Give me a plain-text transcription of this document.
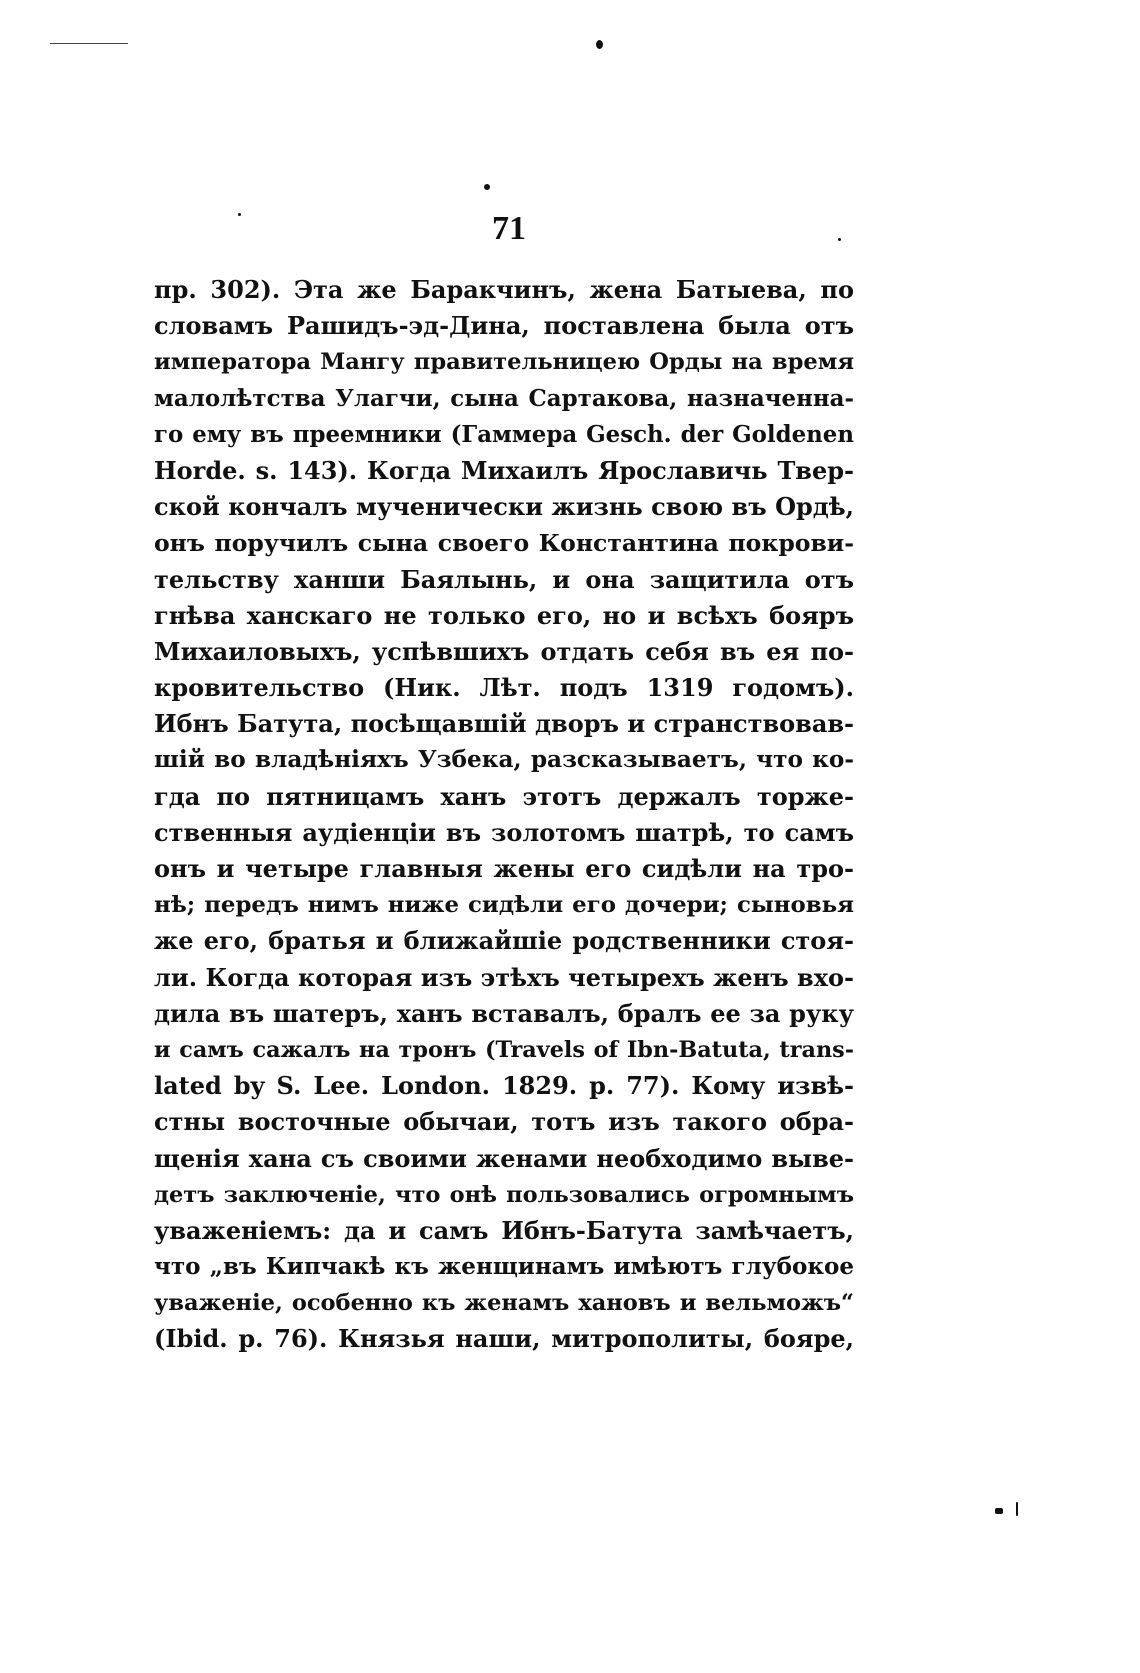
71
пр. 302). Эта же Баракчинъ, жена Батыева, по
словамъ Рашидъ-эд-Дина, поставлена была отъ
императора Мангу правительницею Орды на время
малолѣтства Улагчи, сына Сартакова, назначенна-
го ему въ преемники (Гаммера Gesch. der Goldenen
Horde. s. 143). Когда Михаилъ Ярославичь Твер-
ской кончалъ мученически жизнь свою въ Ордѣ,
онъ поручилъ сына своего Константина покрови-
тельству ханши Баялынь, и она защитила отъ
гнѣва ханскаго не только его, но и всѣхъ бояръ
Михаиловыхъ, успѣвшихъ отдать себя въ ея по-
кровительство (Ник. Лѣт. подъ 1319 годомъ).
Ибнъ Батута, посѣщавшій дворъ и странствовав-
шій во владѣніяхъ Узбека, разсказываетъ, что ко-
гда по пятницамъ ханъ этотъ держалъ торже-
ственныя аудіенціи въ золотомъ шатрѣ, то самъ
онъ и четыре главныя жены его сидѣли на тро-
нѣ; передъ нимъ ниже сидѣли его дочери; сыновья
же его, братья и ближайшіе родственники стоя-
ли. Когда которая изъ этѣхъ четырехъ женъ вхо-
дила въ шатеръ, ханъ вставалъ, бралъ ее за руку
и самъ сажалъ на тронъ (Travels of Ibn-Batuta, trans-
lated by S. Lee. London. 1829. p. 77). Кому извѣ-
стны восточные обычаи, тотъ изъ такого обра-
щенія хана съ своими женами необходимо выве-
детъ заключеніе, что онѣ пользовались огромнымъ
уваженіемъ: да и самъ Ибнъ-Батута замѣчаетъ,
что „въ Кипчакѣ къ женщинамъ имѣютъ глубокое
уваженіе, особенно къ женамъ хановъ и вельможъ“
(Ibid. p. 76). Князья наши, митрополиты, бояре,
